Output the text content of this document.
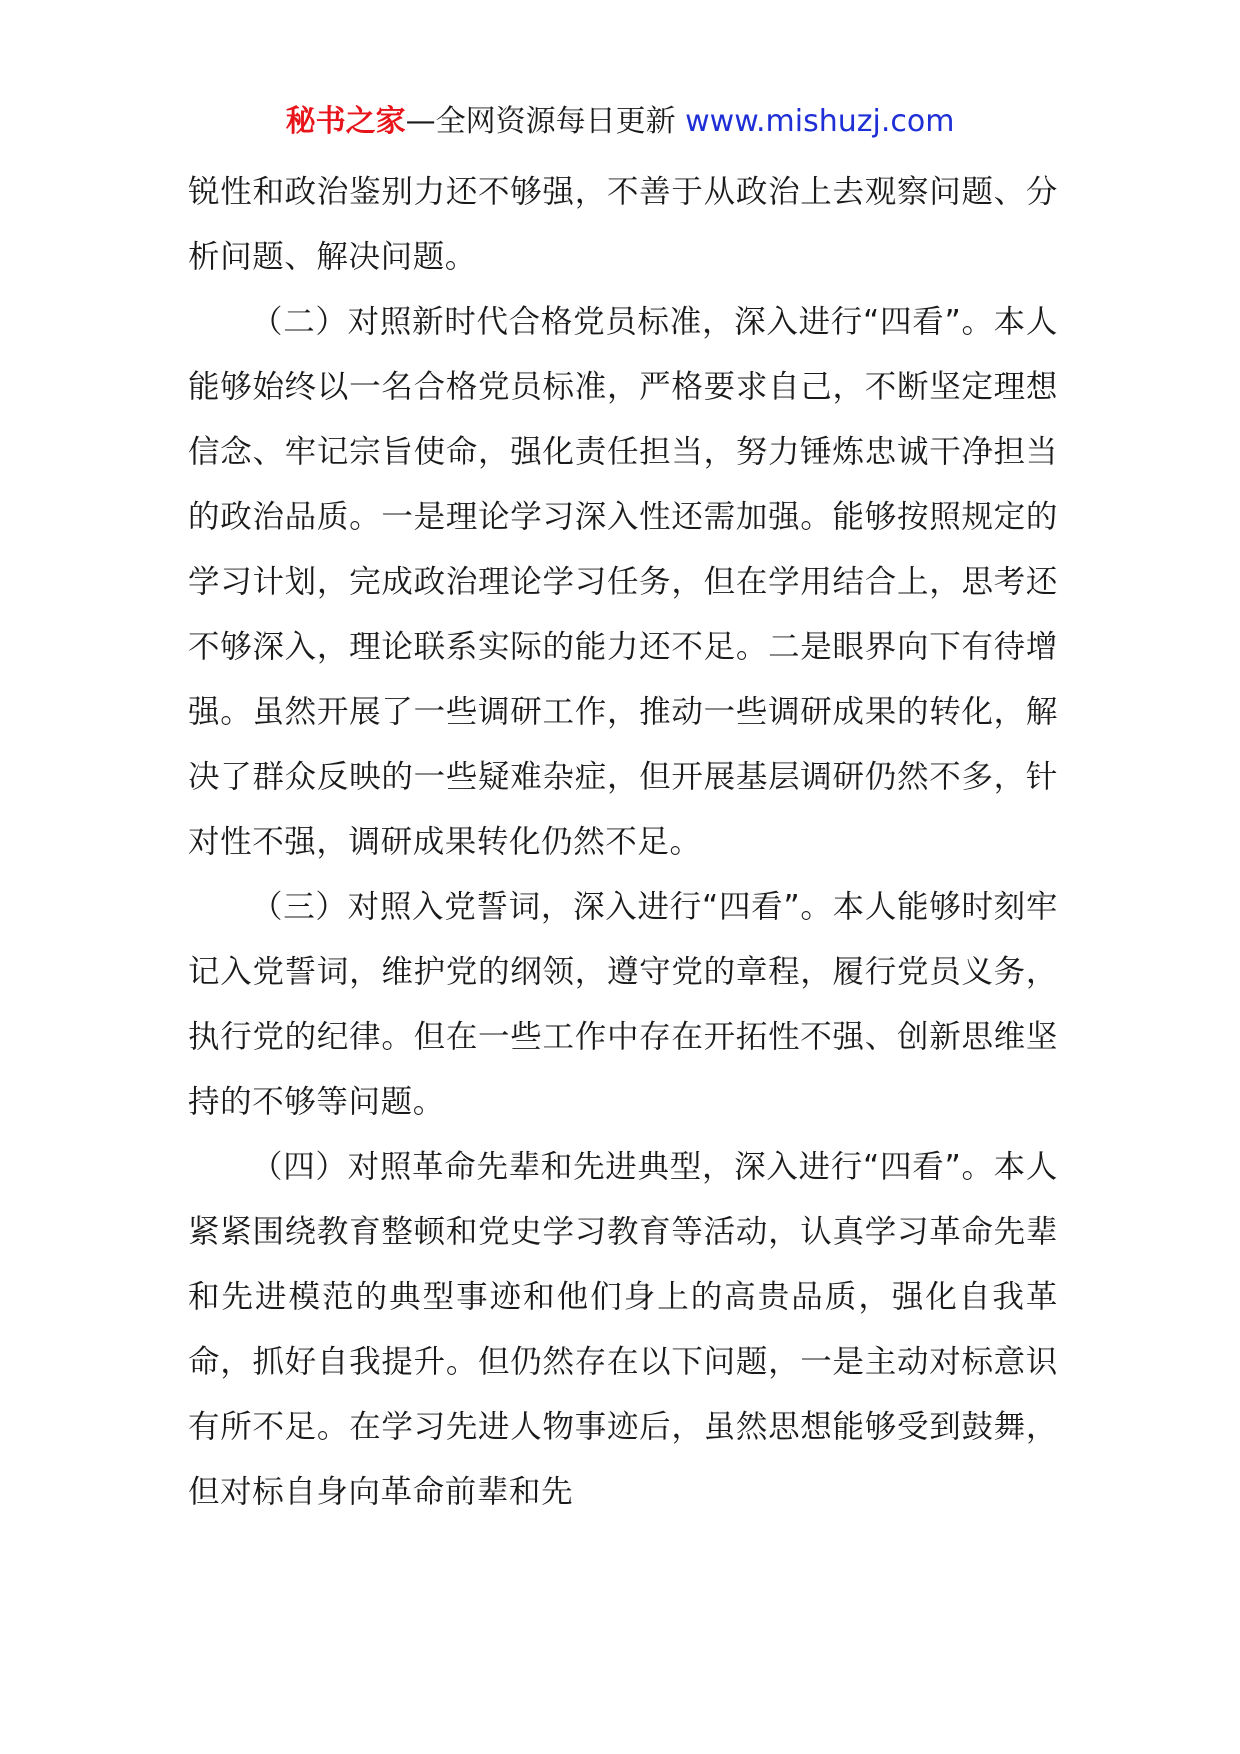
秘书之家—全网资源每日更新 www.mishuzj.com

锐性和政治鉴别力还不够强，不善于从政治上去观察问题、分析问题、解决问题。

（二）对照新时代合格党员标准，深入进行“四看”。本人能够始终以一名合格党员标准，严格要求自己，不断坚定理想信念、牢记宗旨使命，强化责任担当，努力锤炼忠诚干净担当的政治品质。一是理论学习深入性还需加强。能够按照规定的学习计划，完成政治理论学习任务，但在学用结合上，思考还不够深入，理论联系实际的能力还不足。二是眼界向下有待增强。虽然开展了一些调研工作，推动一些调研成果的转化，解决了群众反映的一些疑难杂症，但开展基层调研仍然不多，针对性不强，调研成果转化仍然不足。

（三）对照入党誓词，深入进行“四看”。本人能够时刻牢记入党誓词，维护党的纲领，遵守党的章程，履行党员义务，执行党的纪律。但在一些工作中存在开拓性不强、创新思维坚持的不够等问题。

（四）对照革命先辈和先进典型，深入进行“四看”。本人紧紧围绕教育整顿和党史学习教育等活动，认真学习革命先辈和先进模范的典型事迹和他们身上的高贵品质，强化自我革命，抓好自我提升。但仍然存在以下问题，一是主动对标意识有所不足。在学习先进人物事迹后，虽然思想能够受到鼓舞，但对标自身向革命前辈和先
